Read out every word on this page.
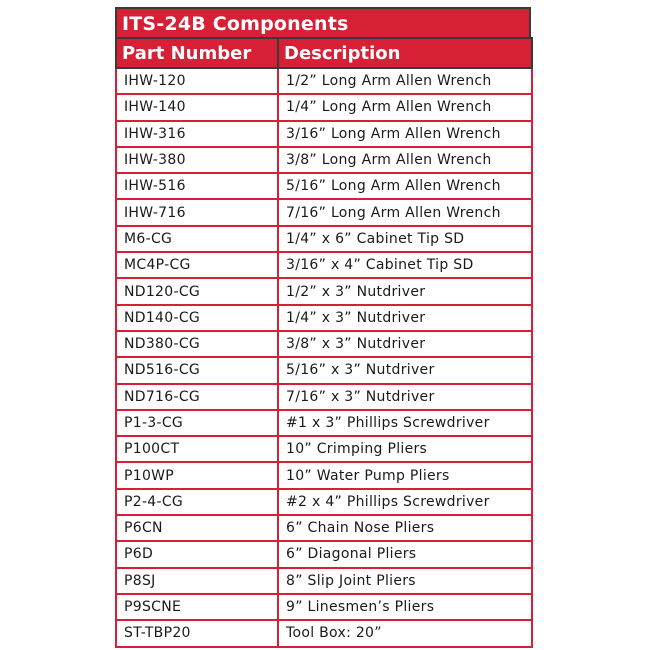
ITS-24B Components
Part Number	Description
IHW-120	1/2” Long Arm Allen Wrench
IHW-140	1/4” Long Arm Allen Wrench
IHW-316	3/16” Long Arm Allen Wrench
IHW-380	3/8” Long Arm Allen Wrench
IHW-516	5/16” Long Arm Allen Wrench
IHW-716	7/16” Long Arm Allen Wrench
M6-CG	1/4” x 6” Cabinet Tip SD
MC4P-CG	3/16” x 4” Cabinet Tip SD
ND120-CG	1/2” x 3” Nutdriver
ND140-CG	1/4” x 3” Nutdriver
ND380-CG	3/8” x 3” Nutdriver
ND516-CG	5/16” x 3” Nutdriver
ND716-CG	7/16” x 3” Nutdriver
P1-3-CG	#1 x 3” Phillips Screwdriver
P100CT	10” Crimping Pliers
P10WP	10” Water Pump Pliers
P2-4-CG	#2 x 4” Phillips Screwdriver
P6CN	6” Chain Nose Pliers
P6D	6” Diagonal Pliers
P8SJ	8” Slip Joint Pliers
P9SCNE	9” Linesmen’s Pliers
ST-TBP20	Tool Box: 20”
